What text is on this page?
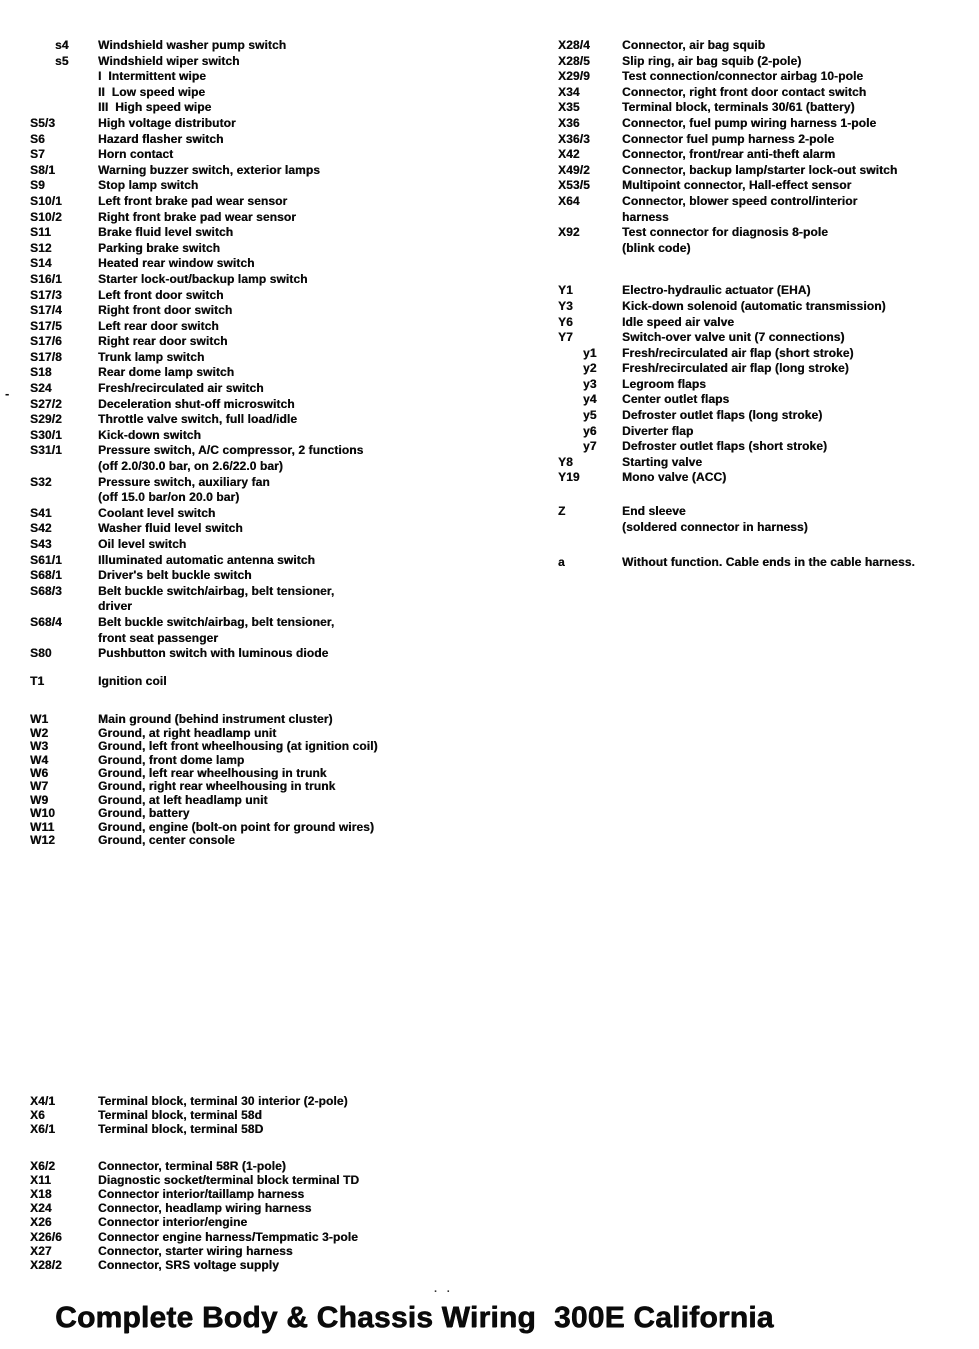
-
· ·
s4	Windshield washer pump switch
s5	Windshield wiper switch
I  Intermittent wipe
II  Low speed wipe
III  High speed wipe
S5/3	High voltage distributor
S6	Hazard flasher switch
S7	Horn contact
S8/1	Warning buzzer switch, exterior lamps
S9	Stop lamp switch
S10/1	Left front brake pad wear sensor
S10/2	Right front brake pad wear sensor
S11	Brake fluid level switch
S12	Parking brake switch
S14	Heated rear window switch
S16/1	Starter lock-out/backup lamp switch
S17/3	Left front door switch
S17/4	Right front door switch
S17/5	Left rear door switch
S17/6	Right rear door switch
S17/8	Trunk lamp switch
S18	Rear dome lamp switch
S24	Fresh/recirculated air switch
S27/2	Deceleration shut-off microswitch
S29/2	Throttle valve switch, full load/idle
S30/1	Kick-down switch
S31/1	Pressure switch, A/C compressor, 2 functions
(off 2.0/30.0 bar, on 2.6/22.0 bar)
S32	Pressure switch, auxiliary fan
(off 15.0 bar/on 20.0 bar)
S41	Coolant level switch
S42	Washer fluid level switch
S43	Oil level switch
S61/1	Illuminated automatic antenna switch
S68/1	Driver's belt buckle switch
S68/3	Belt buckle switch/airbag, belt tensioner,
driver
S68/4	Belt buckle switch/airbag, belt tensioner,
front seat passenger
S80	Pushbutton switch with luminous diode
T1	Ignition coil
W1	Main ground (behind instrument cluster)
W2	Ground, at right headlamp unit
W3	Ground, left front wheelhousing (at ignition coil)
W4	Ground, front dome lamp
W6	Ground, left rear wheelhousing in trunk
W7	Ground, right rear wheelhousing in trunk
W9	Ground, at left headlamp unit
W10	Ground, battery
W11	Ground, engine (bolt-on point for ground wires)
W12	Ground, center console
X4/1	Terminal block, terminal 30 interior (2-pole)
X6	Terminal block, terminal 58d
X6/1	Terminal block, terminal 58D
X6/2	Connector, terminal 58R (1-pole)
X11	Diagnostic socket/terminal block terminal TD
X18	Connector interior/taillamp harness
X24	Connector, headlamp wiring harness
X26	Connector interior/engine
X26/6	Connector engine harness/Tempmatic 3-pole
X27	Connector, starter wiring harness
X28/2	Connector, SRS voltage supply
X28/4	Connector, air bag squib
X28/5	Slip ring, air bag squib (2-pole)
X29/9	Test connection/connector airbag 10-pole
X34	Connector, right front door contact switch
X35	Terminal block, terminals 30/61 (battery)
X36	Connector, fuel pump wiring harness 1-pole
X36/3	Connector fuel pump harness 2-pole
X42	Connector, front/rear anti-theft alarm
X49/2	Connector, backup lamp/starter lock-out switch
X53/5	Multipoint connector, Hall-effect sensor
X64	Connector, blower speed control/interior
harness
X92	Test connector for diagnosis 8-pole
(blink code)
Y1	Electro-hydraulic actuator (EHA)
Y3	Kick-down solenoid (automatic transmission)
Y6	Idle speed air valve
Y7	Switch-over valve unit (7 connections)
y1	Fresh/recirculated air flap (short stroke)
y2	Fresh/recirculated air flap (long stroke)
y3	Legroom flaps
y4	Center outlet flaps
y5	Defroster outlet flaps (long stroke)
y6	Diverter flap
y7	Defroster outlet flaps (short stroke)
Y8	Starting valve
Y19	Mono valve (ACC)
Z	End sleeve
(soldered connector in harness)
a	Without function. Cable ends in the cable harness.
Complete Body & Chassis Wiring 300E California
